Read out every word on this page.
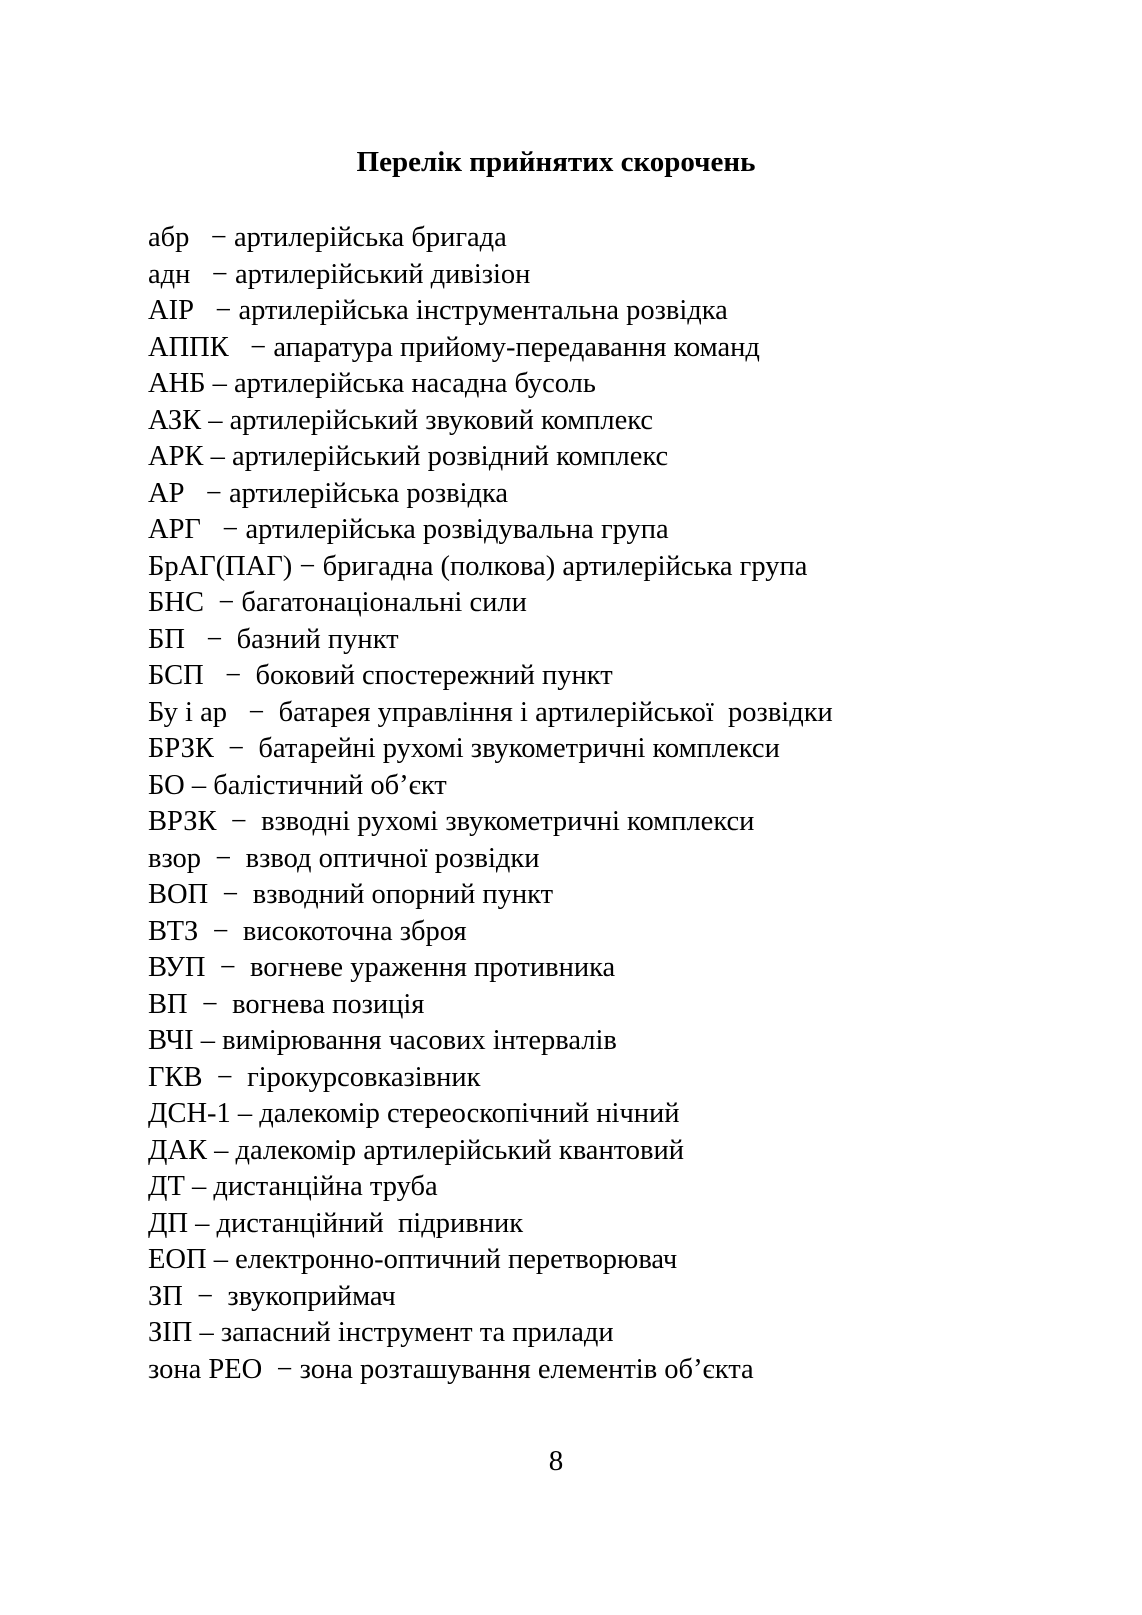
Перелік прийнятих скорочень
абр   − артилерійська бригада
адн   − артилерійський дивізіон
АІР   − артилерійська інструментальна розвідка
АППК   − апаратура прийому-передавання команд
АНБ – артилерійська насадна бусоль
АЗК – артилерійський звуковий комплекс
АРК – артилерійський розвідний комплекс
АР   − артилерійська розвідка
АРГ   − артилерійська розвідувальна група
БрАГ(ПАГ) − бригадна (полкова) артилерійська група
БНС  − багатонаціональні сили
БП   −  базний пункт
БСП   −  боковий спостережний пункт
Бу і ар   −  батарея управління і артилерійської  розвідки
БРЗК  −  батарейні рухомі звукометричні комплекси
БО – балістичний об’єкт
ВРЗК  −  взводні рухомі звукометричні комплекси
взор  −  взвод оптичної розвідки
ВОП  −  взводний опорний пункт
ВТЗ  −  високоточна зброя
ВУП  −  вогневе ураження противника
ВП  −  вогнева позиція
ВЧІ – вимірювання часових інтервалів
ГКВ  −  гірокурсовказівник
ДСН-1 – далекомір стереоскопічний нічний
ДАК – далекомір артилерійський квантовий
ДТ – дистанційна труба
ДП – дистанційний  підривник
ЕОП – електронно-оптичний перетворювач
ЗП  −  звукоприймач
ЗІП – запасний інструмент та прилади
зона РЕО  − зона розташування елементів об’єкта
8
